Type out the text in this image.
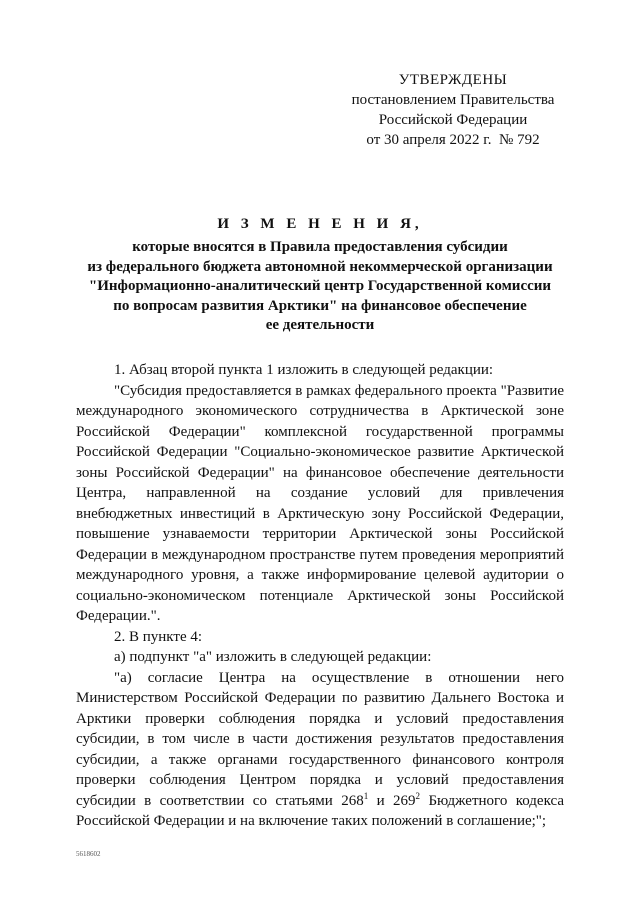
УТВЕРЖДЕНЫ
постановлением Правительства
Российской Федерации
от 30 апреля 2022 г.  № 792
И З М Е Н Е Н И Я,
которые вносятся в Правила предоставления субсидии
из федерального бюджета автономной некоммерческой организации
"Информационно-аналитический центр Государственной комиссии
по вопросам развития Арктики" на финансовое обеспечение
ее деятельности

1. Абзац второй пункта 1 изложить в следующей редакции:

"Субсидия предоставляется в рамках федерального проекта "Развитие международного экономического сотрудничества в Арктической зоне Российской Федерации" комплексной государственной программы Российской Федерации "Социально-экономическое развитие Арктической зоны Российской Федерации" на финансовое обеспечение деятельности Центра, направленной на создание условий для привлечения внебюджетных инвестиций в Арктическую зону Российской Федерации, повышение узнаваемости территории Арктической зоны Российской Федерации в международном пространстве путем проведения мероприятий международного уровня, а также информирование целевой аудитории о социально-экономическом потенциале Арктической зоны Российской Федерации.".

2. В пункте 4:

а) подпункт "а" изложить в следующей редакции:

"а) согласие Центра на осуществление в отношении него Министерством Российской Федерации по развитию Дальнего Востока и Арктики проверки соблюдения порядка и условий предоставления субсидии, в том числе в части достижения результатов предоставления субсидии, а также органами государственного финансового контроля проверки соблюдения Центром порядка и условий предоставления субсидии в соответствии со статьями $268^1$ и $269^2$ Бюджетного кодекса Российской Федерации и на включение таких положений в соглашение;";

5618602
